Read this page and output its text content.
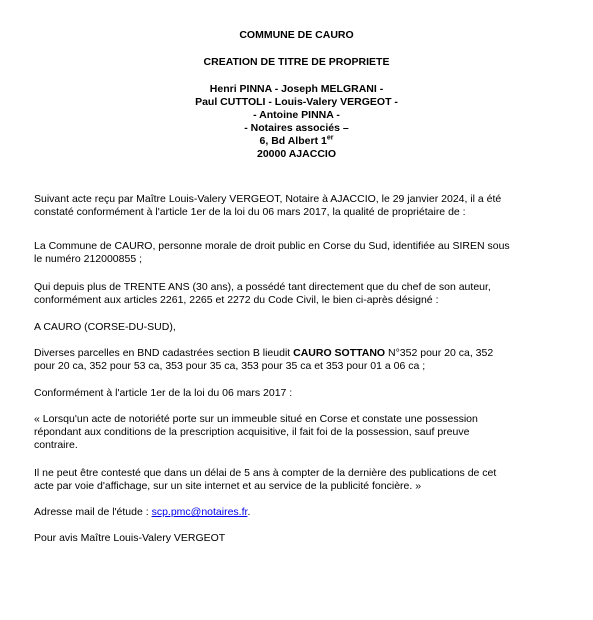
COMMUNE DE CAURO
CREATION DE TITRE DE PROPRIETE
Henri PINNA - Joseph MELGRANI -
Paul CUTTOLI - Louis-Valery VERGEOT -
- Antoine PINNA -
- Notaires associés –
6, Bd Albert 1er
20000 AJACCIO

Suivant acte reçu par Maître Louis-Valery VERGEOT, Notaire à AJACCIO, le 29 janvier 2024, il a été

constaté conformément à l'article 1er de la loi du 06 mars 2017, la qualité de propriétaire de :

La Commune de CAURO, personne morale de droit public en Corse du Sud, identifiée au SIREN sous

le numéro 212000855 ;

Qui depuis plus de TRENTE ANS (30 ans), a possédé tant directement que du chef de son auteur,

conformément aux articles 2261, 2265 et 2272 du Code Civil, le bien ci-après désigné :

A CAURO (CORSE-DU-SUD),

Diverses parcelles en BND cadastrées section B lieudit CAURO SOTTANO N°352 pour 20 ca, 352

pour 20 ca, 352 pour 53 ca, 353 pour 35 ca, 353 pour 35 ca et 353 pour 01 a 06 ca ;

Conformément à l'article 1er de la loi du 06 mars 2017 :

« Lorsqu'un acte de notoriété porte sur un immeuble situé en Corse et constate une possession

répondant aux conditions de la prescription acquisitive, il fait foi de la possession, sauf preuve

contraire.

Il ne peut être contesté que dans un délai de 5 ans à compter de la dernière des publications de cet

acte par voie d'affichage, sur un site internet et au service de la publicité foncière. »

Adresse mail de l'étude : scp.pmc@notaires.fr.

Pour avis Maître Louis-Valery VERGEOT
